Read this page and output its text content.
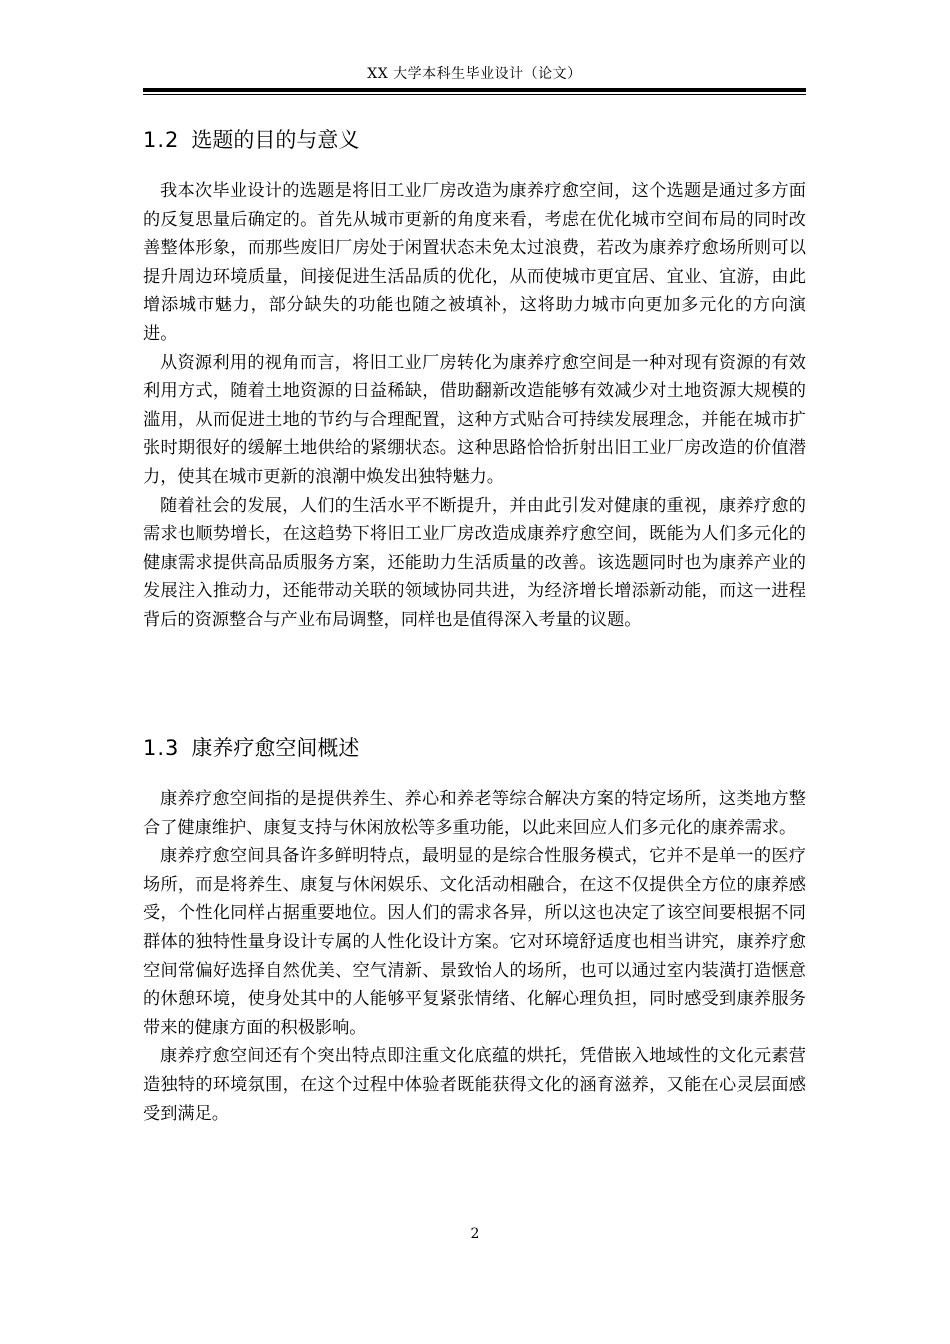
XX 大学本科生毕业设计（论文）
1.2 选题的目的与意义

我本次毕业设计的选题是将旧工业厂房改造为康养疗愈空间，这个选题是通过多方面的反复思量后确定的。首先从城市更新的角度来看，考虑在优化城市空间布局的同时改善整体形象，而那些废旧厂房处于闲置状态未免太过浪费，若改为康养疗愈场所则可以提升周边环境质量，间接促进生活品质的优化，从而使城市更宜居、宜业、宜游，由此增添城市魅力，部分缺失的功能也随之被填补，这将助力城市向更加多元化的方向演进。

从资源利用的视角而言，将旧工业厂房转化为康养疗愈空间是一种对现有资源的有效利用方式，随着土地资源的日益稀缺，借助翻新改造能够有效减少对土地资源大规模的滥用，从而促进土地的节约与合理配置，这种方式贴合可持续发展理念，并能在城市扩张时期很好的缓解土地供给的紧绷状态。这种思路恰恰折射出旧工业厂房改造的价值潜力，使其在城市更新的浪潮中焕发出独特魅力。

随着社会的发展，人们的生活水平不断提升，并由此引发对健康的重视，康养疗愈的需求也顺势增长，在这趋势下将旧工业厂房改造成康养疗愈空间，既能为人们多元化的健康需求提供高品质服务方案，还能助力生活质量的改善。该选题同时也为康养产业的发展注入推动力，还能带动关联的领域协同共进，为经济增长增添新动能，而这一进程背后的资源整合与产业布局调整，同样也是值得深入考量的议题。

1.3 康养疗愈空间概述

康养疗愈空间指的是提供养生、养心和养老等综合解决方案的特定场所，这类地方整合了健康维护、康复支持与休闲放松等多重功能，以此来回应人们多元化的康养需求。

康养疗愈空间具备许多鲜明特点，最明显的是综合性服务模式，它并不是单一的医疗场所，而是将养生、康复与休闲娱乐、文化活动相融合，在这不仅提供全方位的康养感受，个性化同样占据重要地位。因人们的需求各异，所以这也决定了该空间要根据不同群体的独特性量身设计专属的人性化设计方案。它对环境舒适度也相当讲究，康养疗愈空间常偏好选择自然优美、空气清新、景致怡人的场所，也可以通过室内装潢打造惬意的休憩环境，使身处其中的人能够平复紧张情绪、化解心理负担，同时感受到康养服务带来的健康方面的积极影响。

康养疗愈空间还有个突出特点即注重文化底蕴的烘托，凭借嵌入地域性的文化元素营造独特的环境氛围，在这个过程中体验者既能获得文化的涵育滋养，又能在心灵层面感受到满足。

2
